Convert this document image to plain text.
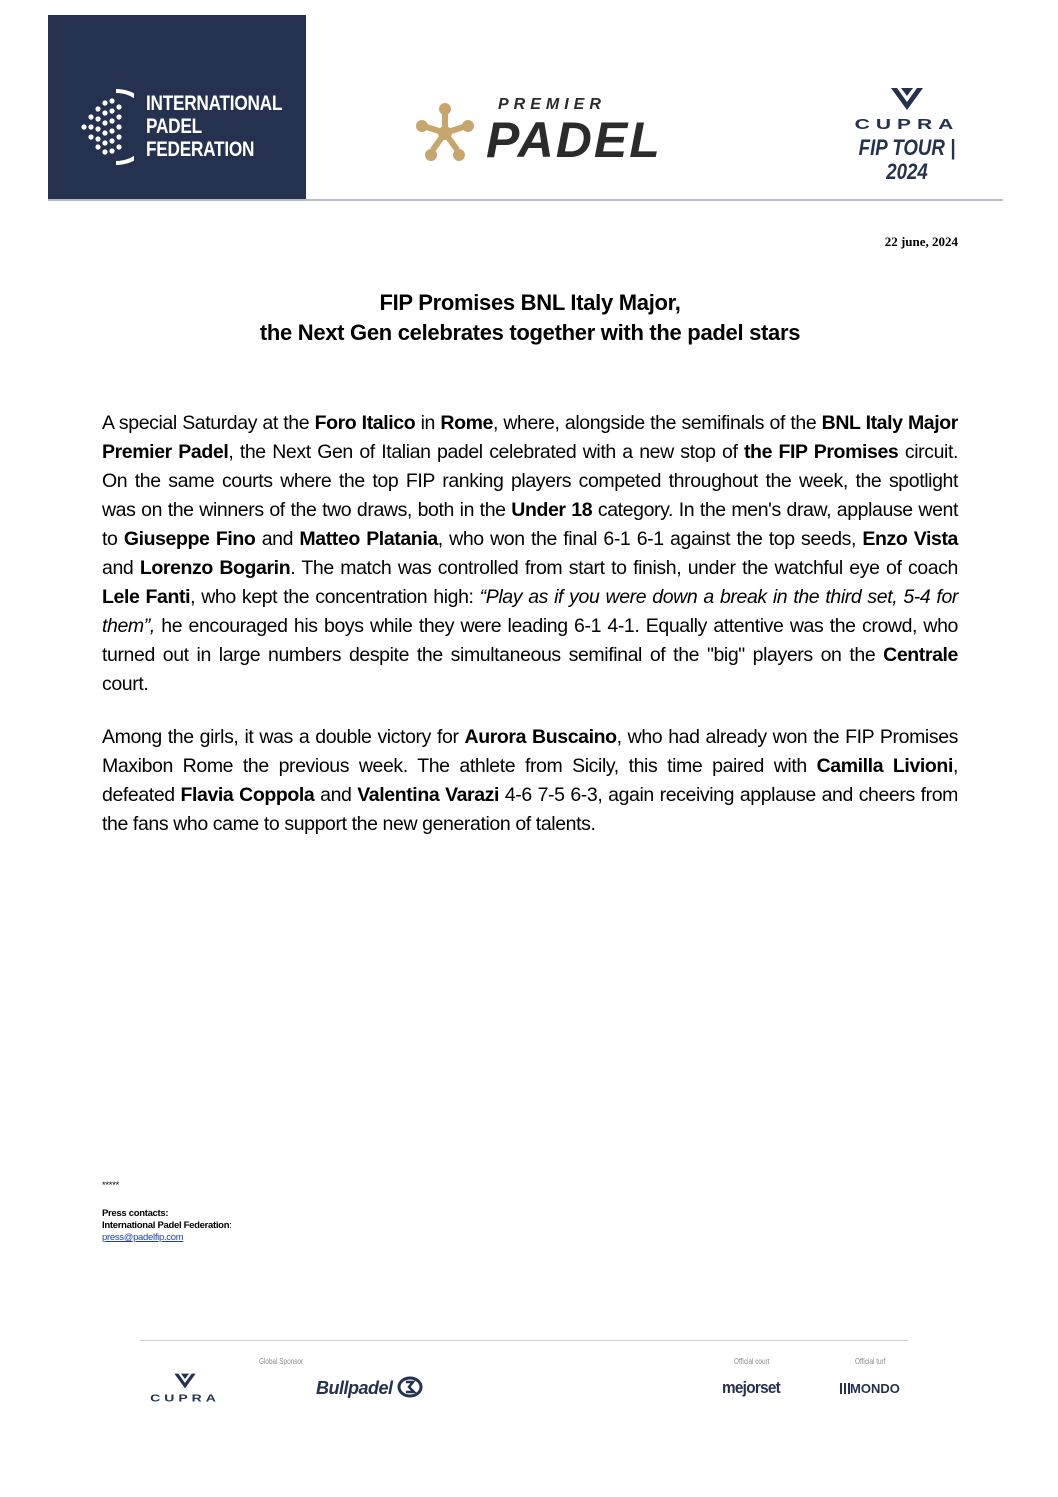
INTERNATIONAL
PADEL
FEDERATION
PREMIER
PADEL	CUPRA
FIP TOUR | 2024
22 june, 2024
FIP Promises BNL Italy Major,
the Next Gen celebrates together with the padel stars

A special Saturday at the Foro Italico in Rome, where, alongside the semifinals of the BNL Italy Major Premier Padel, the Next Gen of Italian padel celebrated with a new stop of the FIP Promises circuit. On the same courts where the top FIP ranking players competed throughout the week, the spotlight was on the winners of the two draws, both in the Under 18 category. In the men's draw, applause went to Giuseppe Fino and Matteo Platania, who won the final 6-1 6-1 against the top seeds, Enzo Vista and Lorenzo Bogarin. The match was controlled from start to finish, under the watchful eye of coach Lele Fanti, who kept the concentration high: “Play as if you were down a break in the third set, 5-4 for them”, he encouraged his boys while they were leading 6-1 4-1. Equally attentive was the crowd, who turned out in large numbers despite the simultaneous semifinal of the "big" players on the Centrale court.

Among the girls, it was a double victory for Aurora Buscaino, who had already won the FIP Promises Maxibon Rome the previous week. The athlete from Sicily, this time paired with Camilla Livioni, defeated Flavia Coppola and Valentina Varazi 4-6 7-5 6-3, again receiving applause and cheers from the fans who came to support the new generation of talents.

*****
Press contacts:
International Padel Federation:
press@padelfip.com
Global Sponsor	Official court	Official turf
CUPRA	Bullpadel	mejorset	MONDO
